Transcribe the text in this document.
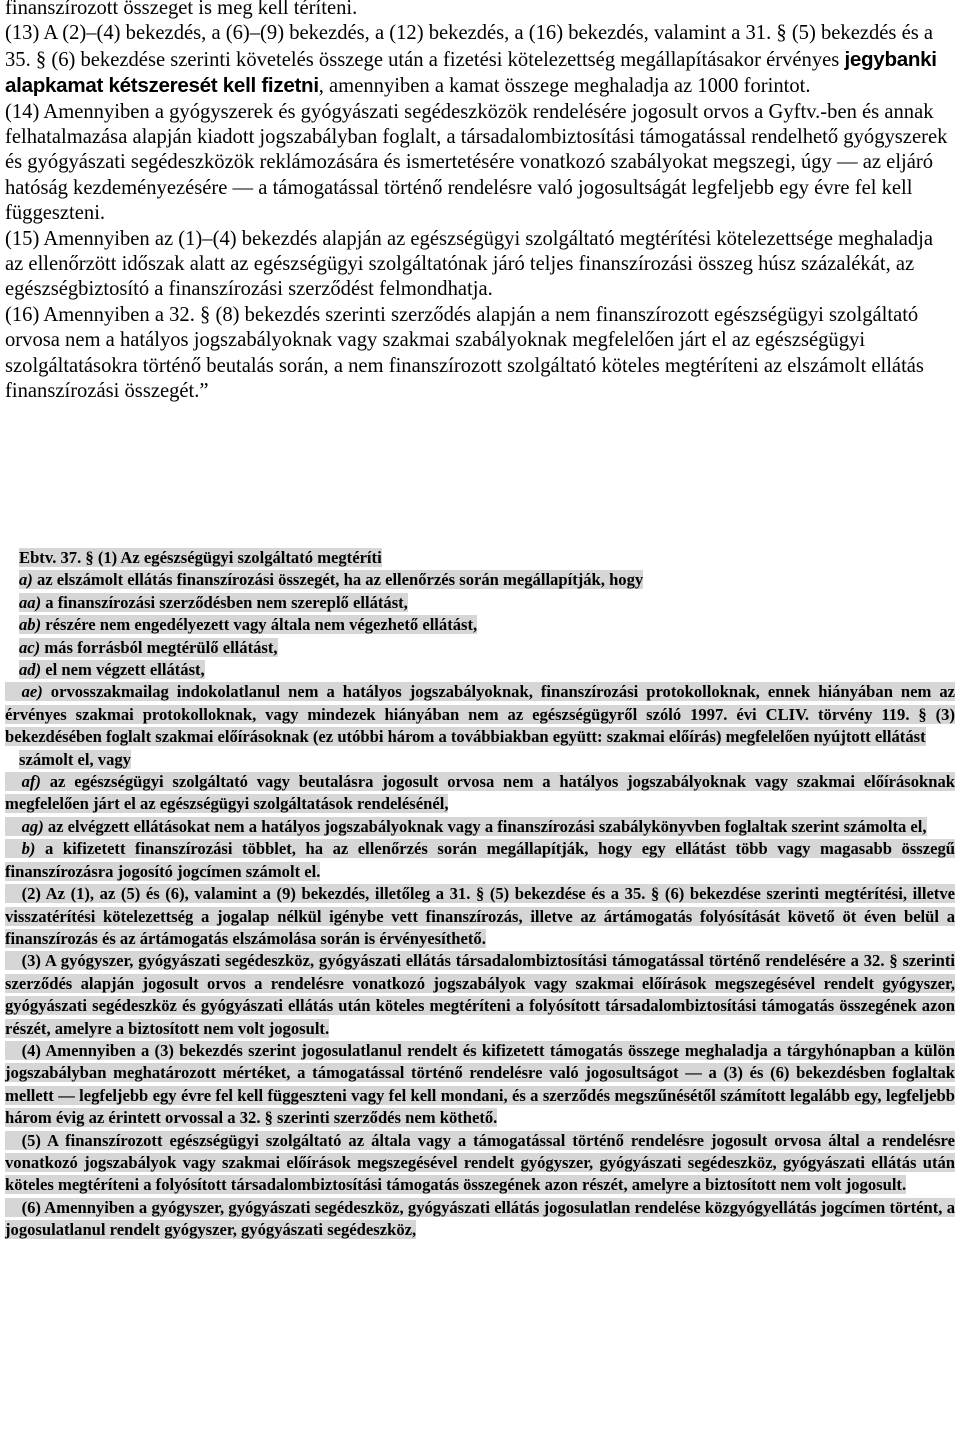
finanszírozott összeget is meg kell téríteni.

(13) A (2)–(4) bekezdés, a (6)–(9) bekezdés, a (12) bekezdés, a (16) bekezdés, valamint a 31. § (5) bekezdés és a 35. § (6) bekezdése szerinti követelés összege után a fizetési kötelezettség megállapításakor érvényes jegybanki alapkamat kétszeresét kell fizetni, amennyiben a kamat összege meghaladja az 1000 forintot.

(14) Amennyiben a gyógyszerek és gyógyászati segédeszközök rendelésére jogosult orvos a Gyftv.-ben és annak felhatalmazása alapján kiadott jogszabályban foglalt, a társadalombiztosítási támogatással rendelhető gyógyszerek és gyógyászati segédeszközök reklámozására és ismertetésére vonatkozó szabályokat megszegi, úgy — az eljáró hatóság kezdeményezésére — a támogatással történő rendelésre való jogosultságát legfeljebb egy évre fel kell függeszteni.

(15) Amennyiben az (1)–(4) bekezdés alapján az egészségügyi szolgáltató megtérítési kötelezettsége meghaladja az ellenőrzött időszak alatt az egészségügyi szolgáltatónak járó teljes finanszírozási összeg húsz százalékát, az egészségbiztosító a finanszírozási szerződést felmondhatja.

(16) Amennyiben a 32. § (8) bekezdés szerinti szerződés alapján a nem finanszírozott egészségügyi szolgáltató orvosa nem a hatályos jogszabályoknak vagy szakmai szabályoknak megfelelően járt el az egészségügyi szolgáltatásokra történő beutalás során, a nem finanszírozott szolgáltató köteles megtéríteni az elszámolt ellátás finanszírozási összegét.”

Ebtv. 37. § (1) Az egészségügyi szolgáltató megtéríti

a) az elszámolt ellátás finanszírozási összegét, ha az ellenőrzés során megállapítják, hogy

aa) a finanszírozási szerződésben nem szereplő ellátást,

ab) részére nem engedélyezett vagy általa nem végezhető ellátást,

ac) más forrásból megtérülő ellátást,

ad) el nem végzett ellátást,

 ae) orvosszakmailag indokolatlanul nem a hatályos jogszabályoknak, finanszírozási protokolloknak, ennek hiányában nem az érvényes szakmai protokolloknak, vagy mindezek hiányában nem az egészségügyről szóló 1997. évi CLIV. törvény 119. § (3) bekezdésében foglalt szakmai előírásoknak (ez utóbbi három a továbbiakban együtt: szakmai előírás) megfelelően nyújtott ellátást

számolt el, vagy

 af) az egészségügyi szolgáltató vagy beutalásra jogosult orvosa nem a hatályos jogszabályoknak vagy szakmai előírásoknak megfelelően járt el az egészségügyi szolgáltatások rendelésénél,

 ag) az elvégzett ellátásokat nem a hatályos jogszabályoknak vagy a finanszírozási szabálykönyvben foglaltak szerint számolta el,

 b) a kifizetett finanszírozási többlet, ha az ellenőrzés során megállapítják, hogy egy ellátást több vagy magasabb összegű finanszírozásra jogosító jogcímen számolt el.

 (2) Az (1), az (5) és (6), valamint a (9) bekezdés, illetőleg a 31. § (5) bekezdése és a 35. § (6) bekezdése szerinti megtérítési, illetve visszatérítési kötelezettség a jogalap nélkül igénybe vett finanszírozás, illetve az ártámogatás folyósítását követő öt éven belül a finanszírozás és az ártámogatás elszámolása során is érvényesíthető.

 (3) A gyógyszer, gyógyászati segédeszköz, gyógyászati ellátás társadalombiztosítási támogatással történő rendelésére a 32. § szerinti szerződés alapján jogosult orvos a rendelésre vonatkozó jogszabályok vagy szakmai előírások megszegésével rendelt gyógyszer, gyógyászati segédeszköz és gyógyászati ellátás után köteles megtéríteni a folyósított társadalombiztosítási támogatás összegének azon részét, amelyre a biztosított nem volt jogosult.

 (4) Amennyiben a (3) bekezdés szerint jogosulatlanul rendelt és kifizetett támogatás összege meghaladja a tárgyhónapban a külön jogszabályban meghatározott mértéket, a támogatással történő rendelésre való jogosultságot — a (3) és (6) bekezdésben foglaltak mellett — legfeljebb egy évre fel kell függeszteni vagy fel kell mondani, és a szerződés megszűnésétől számított legalább egy, legfeljebb három évig az érintett orvossal a 32. § szerinti szerződés nem köthető.

 (5) A finanszírozott egészségügyi szolgáltató az általa vagy a támogatással történő rendelésre jogosult orvosa által a rendelésre vonatkozó jogszabályok vagy szakmai előírások megszegésével rendelt gyógyszer, gyógyászati segédeszköz, gyógyászati ellátás után köteles megtéríteni a folyósított társadalombiztosítási támogatás összegének azon részét, amelyre a biztosított nem volt jogosult.

 (6) Amennyiben a gyógyszer, gyógyászati segédeszköz, gyógyászati ellátás jogosulatlan rendelése közgyógyellátás jogcímen történt, a jogosulatlanul rendelt gyógyszer, gyógyászati segédeszköz,
